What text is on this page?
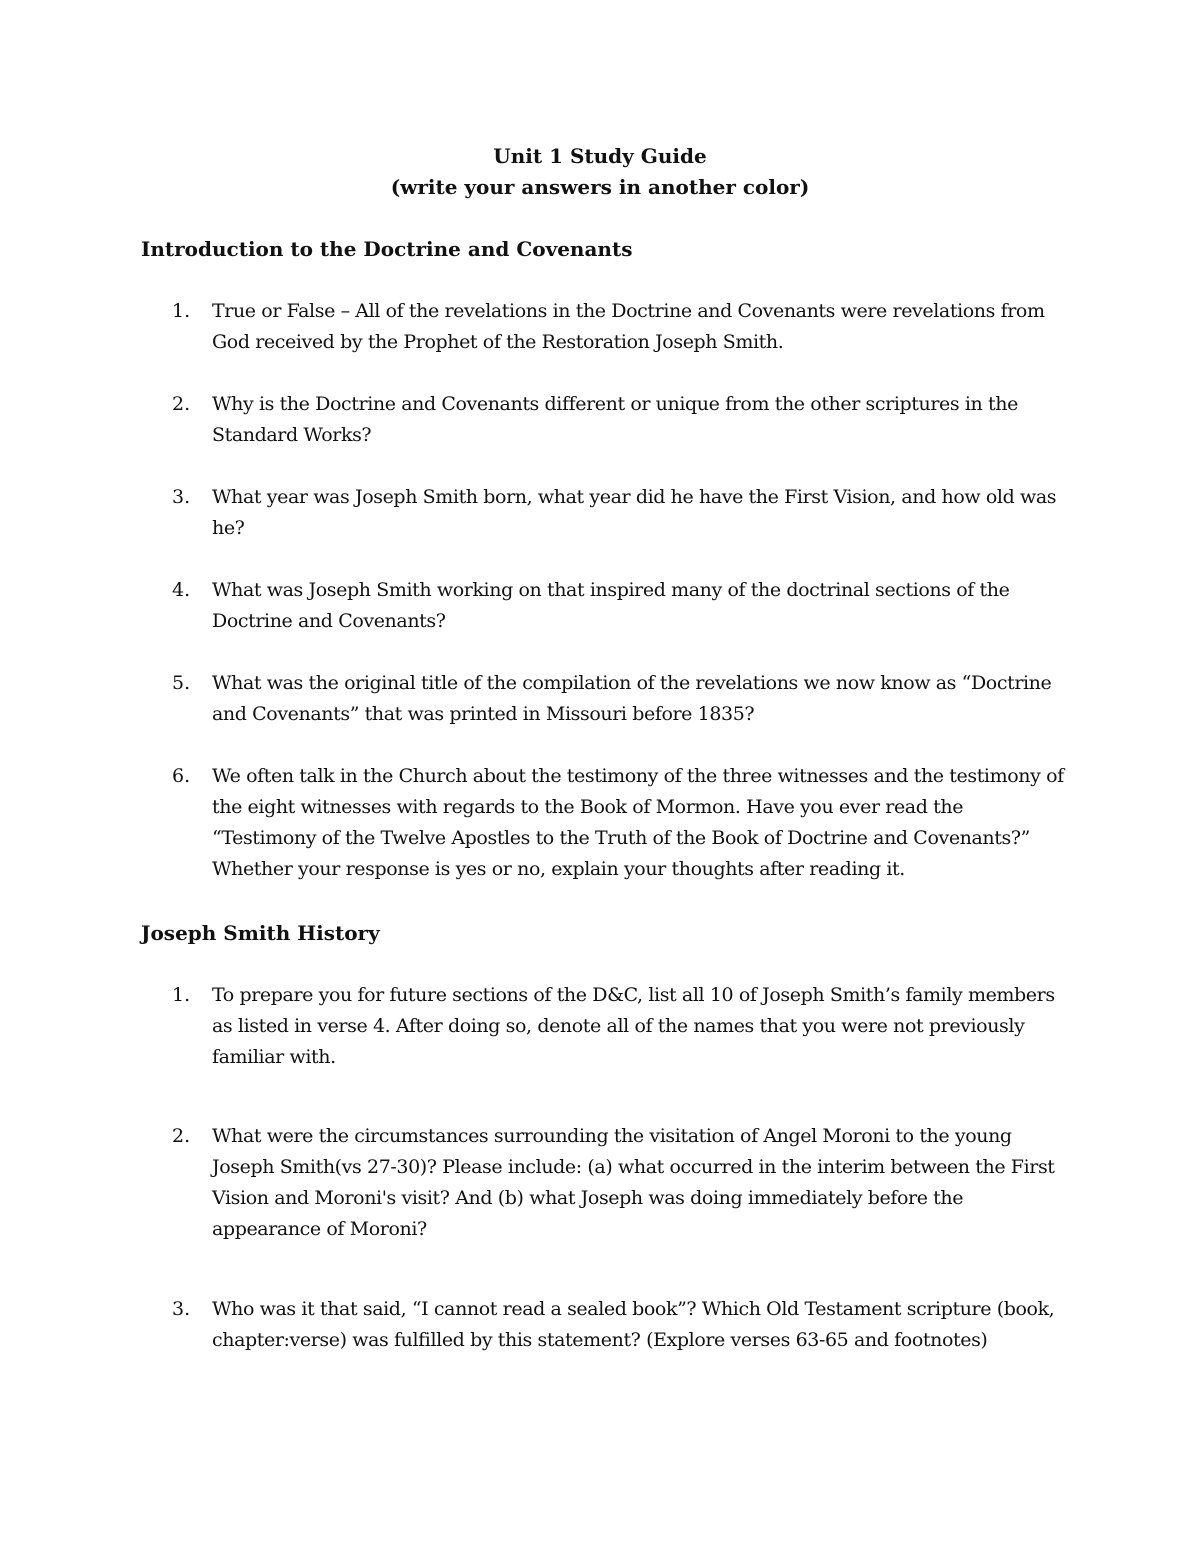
Unit 1 Study Guide
(write your answers in another color)
Introduction to the Doctrine and Covenants
1.	True or False – All of the revelations in the Doctrine and Covenants were revelations from God received by the Prophet of the Restoration Joseph Smith.
2.	Why is the Doctrine and Covenants different or unique from the other scriptures in the Standard Works?
3.	What year was Joseph Smith born, what year did he have the First Vision, and how old was he?
4.	What was Joseph Smith working on that inspired many of the doctrinal sections of the Doctrine and Covenants?
5.	What was the original title of the compilation of the revelations we now know as “Doctrine and Covenants” that was printed in Missouri before 1835?
6.	We often talk in the Church about the testimony of the three witnesses and the testimony of the eight witnesses with regards to the Book of Mormon. Have you ever read the “Testimony of the Twelve Apostles to the Truth of the Book of Doctrine and Covenants?” Whether your response is yes or no, explain your thoughts after reading it.
Joseph Smith History
1.	To prepare you for future sections of the D&C, list all 10 of Joseph Smith’s family members as listed in verse 4. After doing so, denote all of the names that you were not previously familiar with.
2.	What were the circumstances surrounding the visitation of Angel Moroni to the young Joseph Smith(vs 27-30)? Please include: (a) what occurred in the interim between the First Vision and Moroni's visit? And (b) what Joseph was doing immediately before the appearance of Moroni?
3.	Who was it that said, “I cannot read a sealed book”? Which Old Testament scripture (book, chapter:verse) was fulfilled by this statement? (Explore verses 63-65 and footnotes)
